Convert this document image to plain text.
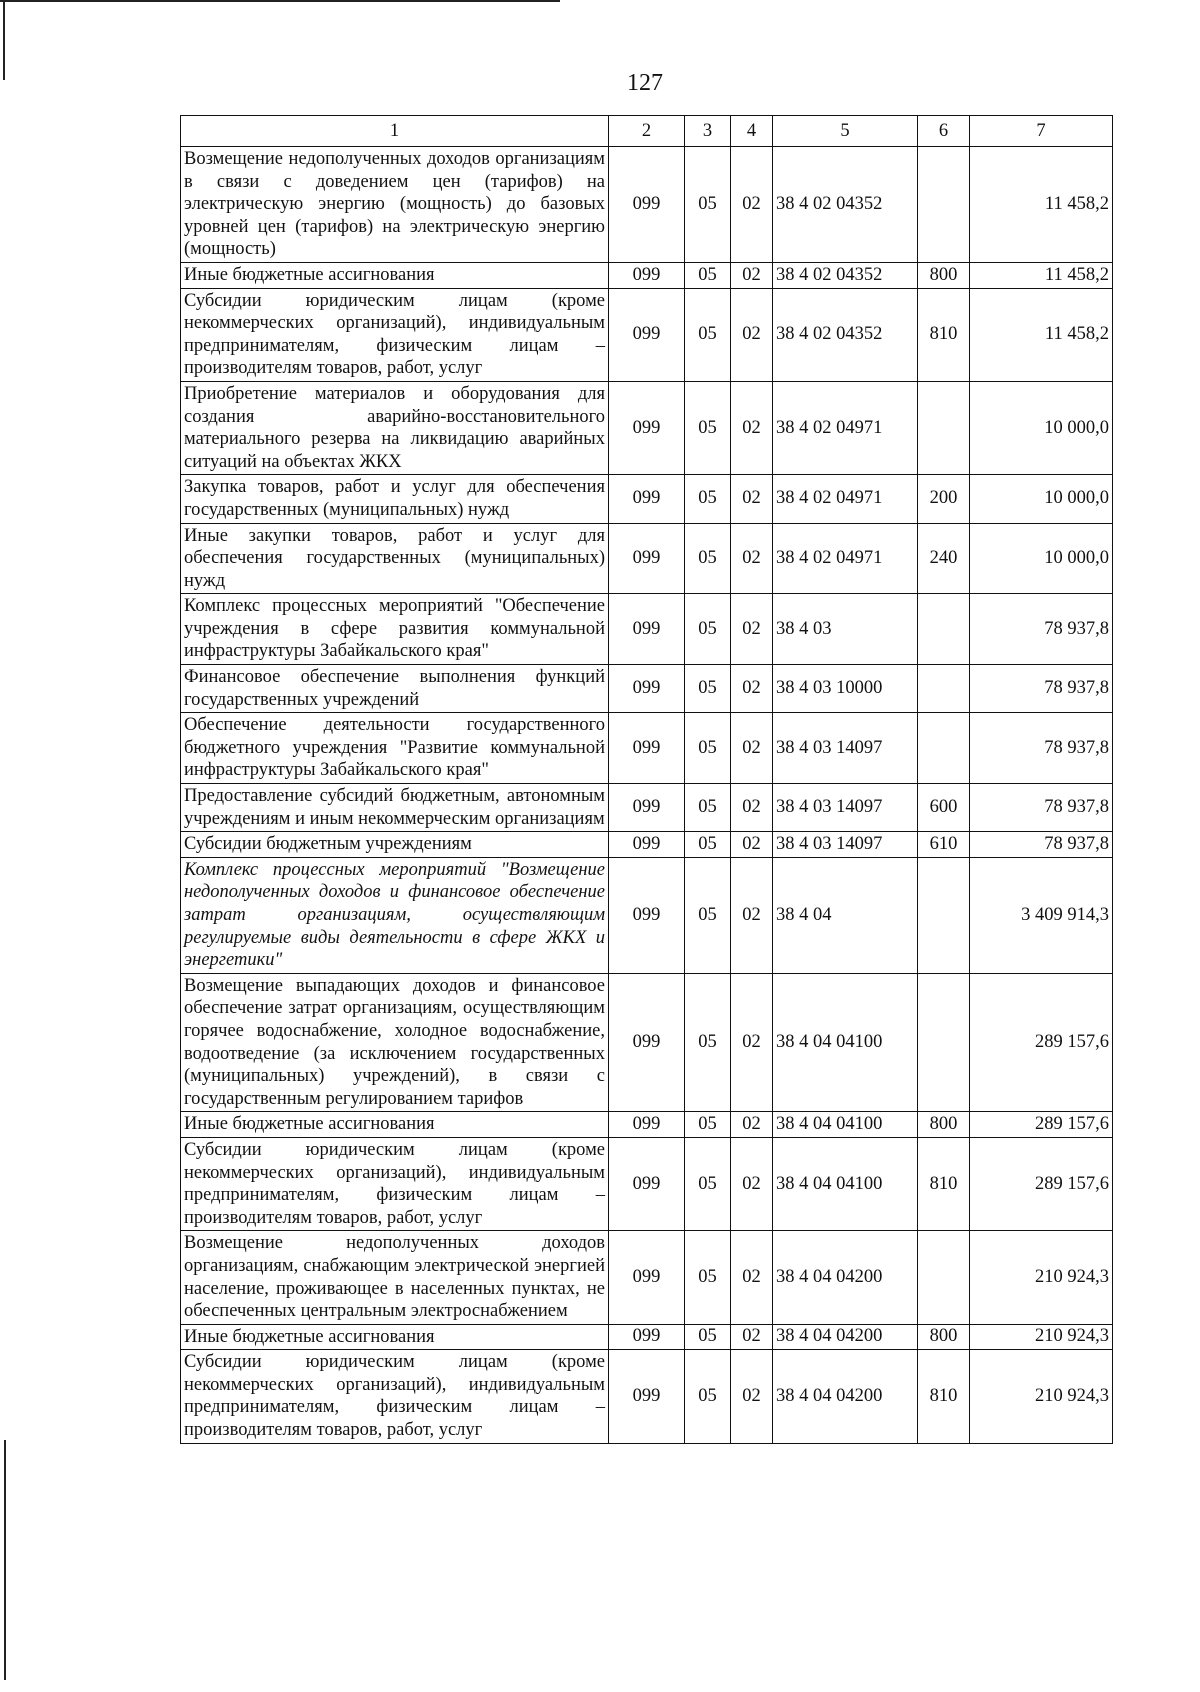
127
1	2	3	4	5	6	7
Возмещение недополученных доходов организациям в связи с доведением цен (тарифов) на электрическую энергию (мощность) до базовых уровней цен (тарифов) на электрическую энергию (мощность)	099	05	02	38 4 02 04352		11 458,2
Иные бюджетные ассигнования	099	05	02	38 4 02 04352	800	11 458,2
Субсидии юридическим лицам (кроме некоммерческих организаций), индивидуальным предпринимателям, физическим лицам – производителям товаров, работ, услуг	099	05	02	38 4 02 04352	810	11 458,2
Приобретение материалов и оборудования для создания аварийно-восстановительного материального резерва на ликвидацию аварийных ситуаций на объектах ЖКХ	099	05	02	38 4 02 04971		10 000,0
Закупка товаров, работ и услуг для обеспечения государственных (муниципальных) нужд	099	05	02	38 4 02 04971	200	10 000,0
Иные закупки товаров, работ и услуг для обеспечения государственных (муниципальных) нужд	099	05	02	38 4 02 04971	240	10 000,0
Комплекс процессных мероприятий "Обеспечение учреждения в сфере развития коммунальной инфраструктуры Забайкальского края"	099	05	02	38 4 03		78 937,8
Финансовое обеспечение выполнения функций государственных учреждений	099	05	02	38 4 03 10000		78 937,8
Обеспечение деятельности государственного бюджетного учреждения "Развитие коммунальной инфраструктуры Забайкальского края"	099	05	02	38 4 03 14097		78 937,8
Предоставление субсидий бюджетным, автономным учреждениям и иным некоммерческим организациям	099	05	02	38 4 03 14097	600	78 937,8
Субсидии бюджетным учреждениям	099	05	02	38 4 03 14097	610	78 937,8
Комплекс процессных мероприятий "Возмещение недополученных доходов и финансовое обеспечение затрат организациям, осуществляющим регулируемые виды деятельности в сфере ЖКХ и энергетики"	099	05	02	38 4 04		3 409 914,3
Возмещение выпадающих доходов и финансовое обеспечение затрат организациям, осуществляющим горячее водоснабжение, холодное водоснабжение, водоотведение (за исключением государственных (муниципальных) учреждений), в связи с государственным регулированием тарифов	099	05	02	38 4 04 04100		289 157,6
Иные бюджетные ассигнования	099	05	02	38 4 04 04100	800	289 157,6
Субсидии юридическим лицам (кроме некоммерческих организаций), индивидуальным предпринимателям, физическим лицам – производителям товаров, работ, услуг	099	05	02	38 4 04 04100	810	289 157,6
Возмещение недополученных доходов организациям, снабжающим электрической энергией население, проживающее в населенных пунктах, не обеспеченных центральным электроснабжением	099	05	02	38 4 04 04200		210 924,3
Иные бюджетные ассигнования	099	05	02	38 4 04 04200	800	210 924,3
Субсидии юридическим лицам (кроме некоммерческих организаций), индивидуальным предпринимателям, физическим лицам – производителям товаров, работ, услуг	099	05	02	38 4 04 04200	810	210 924,3
